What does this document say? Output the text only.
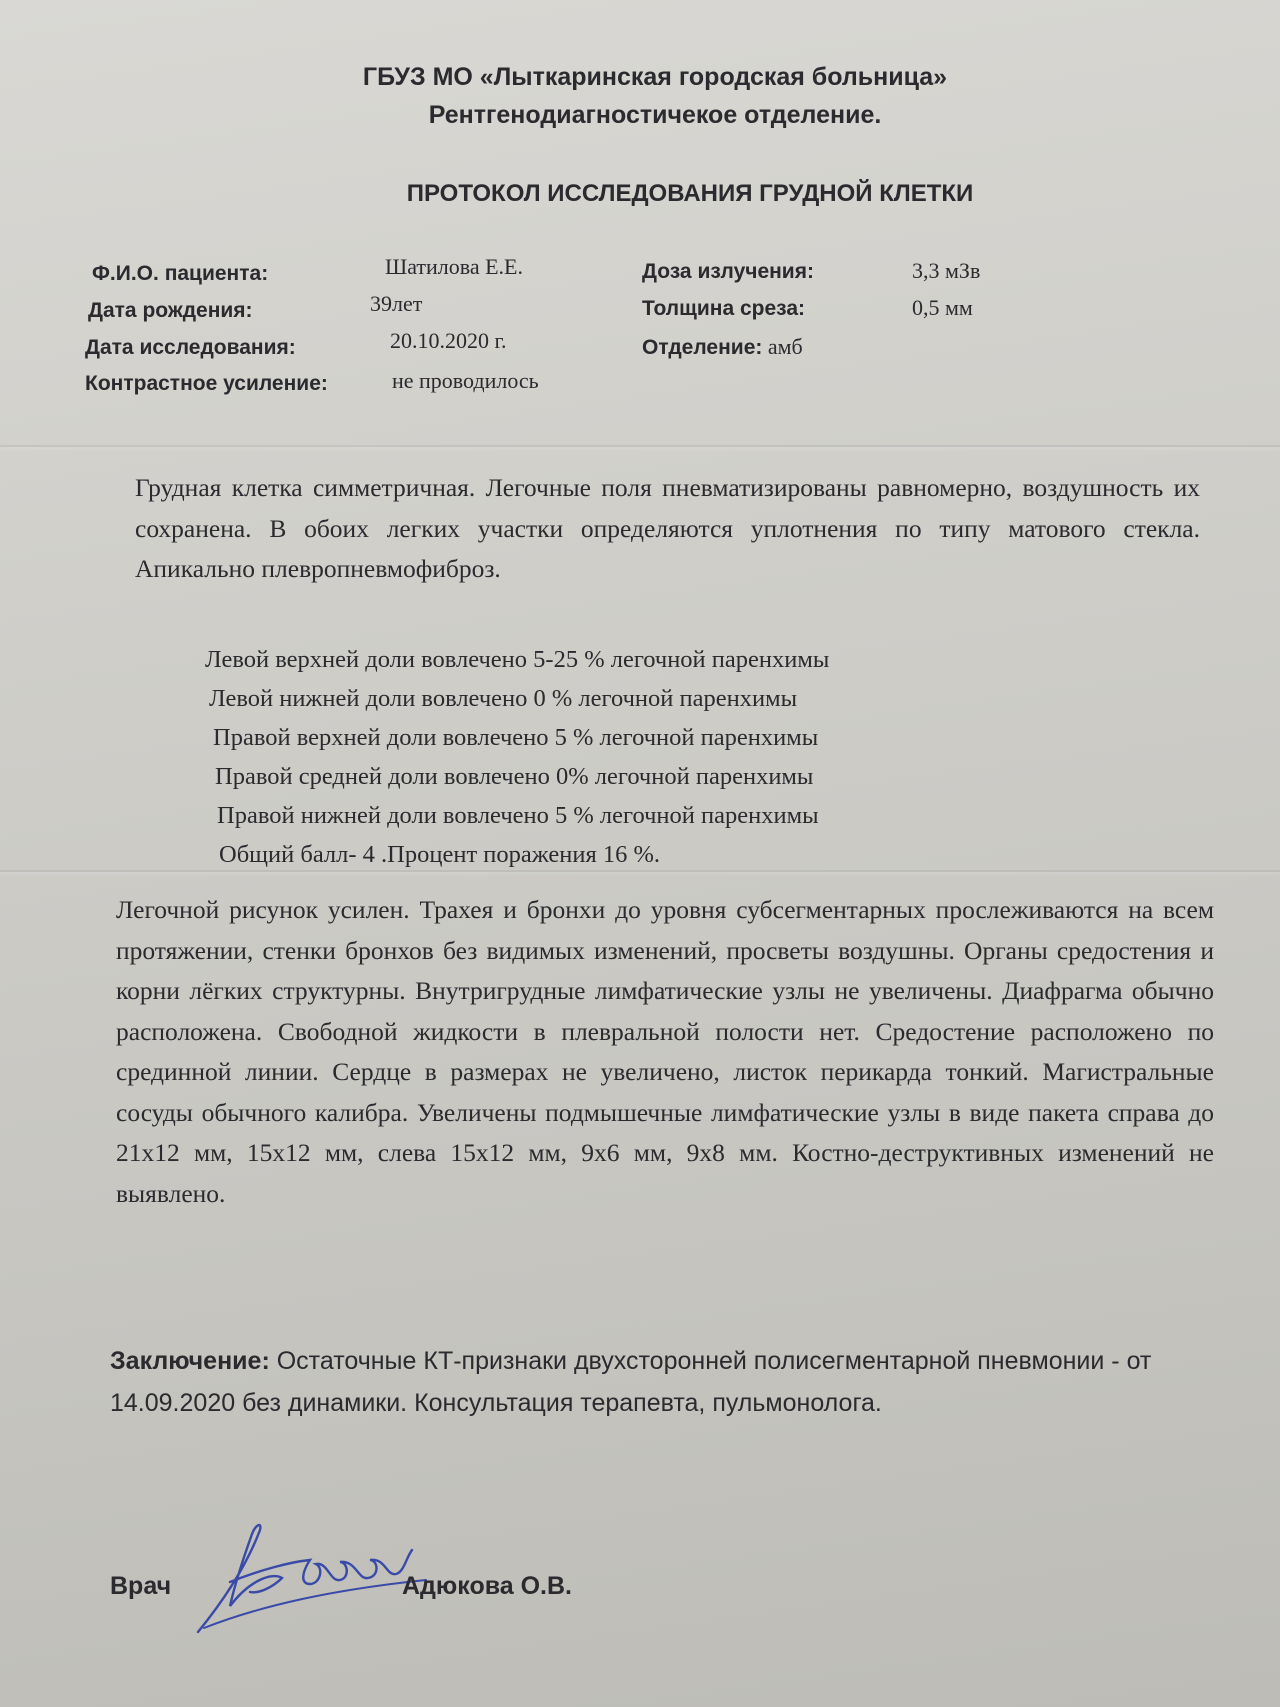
ГБУЗ МО «Лыткаринская городская больница»
Рентгенодиагностичекое отделение.
ПРОТОКОЛ ИССЛЕДОВАНИЯ ГРУДНОЙ КЛЕТКИ
Ф.И.О. пациента:	Шатилова Е.Е.
Дата рождения:	39лет
Дата исследования:	20.10.2020 г.
Контрастное усиление:	не проводилось
Доза излучения:	3,3 мЗв
Толщина среза:	0,5 мм
Отделение: амб
Грудная клетка симметричная. Легочные поля пневматизированы равномерно, воздушность их сохранена. В обоих легких участки определяются уплотнения по типу матового стекла. Апикально плевропневмофиброз.
Левой верхней доли вовлечено 5-25 % легочной паренхимы
Левой нижней доли вовлечено 0 % легочной паренхимы
Правой верхней доли вовлечено 5 % легочной паренхимы
Правой средней доли вовлечено 0% легочной паренхимы
Правой нижней доли вовлечено 5 % легочной паренхимы
Общий балл- 4 .Процент поражения 16 %.
Легочной рисунок усилен. Трахея и бронхи до уровня субсегментарных прослеживаются на всем протяжении, стенки бронхов без видимых изменений, просветы воздушны. Органы средостения и корни лёгких структурны. Внутригрудные лимфатические узлы не увеличены. Диафрагма обычно расположена. Свободной жидкости в плевральной полости нет. Средостение расположено по срединной линии. Сердце в размерах не увеличено, листок перикарда тонкий. Магистральные сосуды обычного калибра. Увеличены подмышечные лимфатические узлы в виде пакета справа до 21х12 мм, 15х12 мм, слева 15х12 мм, 9х6 мм, 9х8 мм. Костно-деструктивных изменений не выявлено.
Заключение: Остаточные КТ-признаки двухсторонней полисегментарной пневмонии - от 14.09.2020 без динамики. Консультация терапевта, пульмонолога.
Врач	Адюкова О.В.
